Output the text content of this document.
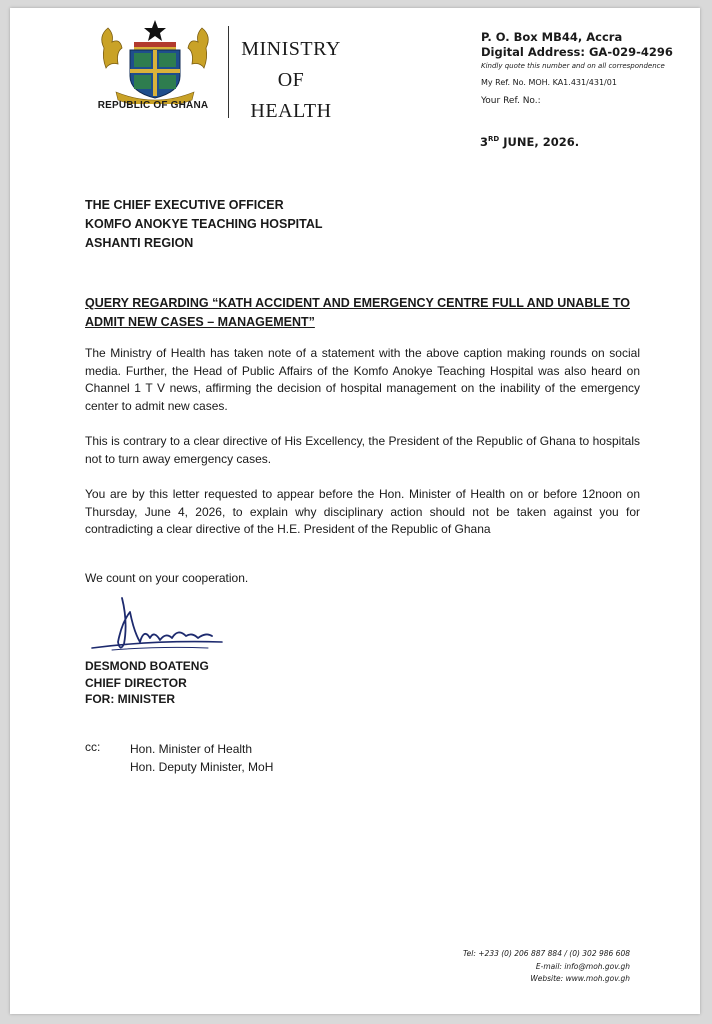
REPUBLIC OF GHANA
MINISTRY
OF
HEALTH
P. O. Box MB44, Accra
Digital Address: GA-029-4296
Kindly quote this number and on all correspondence
My Ref. No. MOH. KA1.431/431/01
Your Ref. No.:
3RD JUNE, 2026.
THE CHIEF EXECUTIVE OFFICER
KOMFO ANOKYE TEACHING HOSPITAL
ASHANTI REGION
QUERY REGARDING “KATH ACCIDENT AND EMERGENCY CENTRE FULL AND UNABLE TO ADMIT NEW CASES – MANAGEMENT”
The Ministry of Health has taken note of a statement with the above caption making rounds on social media. Further, the Head of Public Affairs of the Komfo Anokye Teaching Hospital was also heard on Channel 1 T V news, affirming the decision of hospital management on the inability of the emergency center to admit new cases.
This is contrary to a clear directive of His Excellency, the President of the Republic of Ghana to hospitals not to turn away emergency cases.
You are by this letter requested to appear before the Hon. Minister of Health on or before 12noon on Thursday, June 4, 2026, to explain why disciplinary action should not be taken against you for contradicting a clear directive of the H.E. President of the Republic of Ghana
We count on your cooperation.
DESMOND BOATENG
CHIEF DIRECTOR
FOR: MINISTER
cc: Hon. Minister of Health
Hon. Deputy Minister, MoH
Tel: +233 (0) 206 887 884 / (0) 302 986 608
E-mail: info@moh.gov.gh
Website: www.moh.gov.gh
